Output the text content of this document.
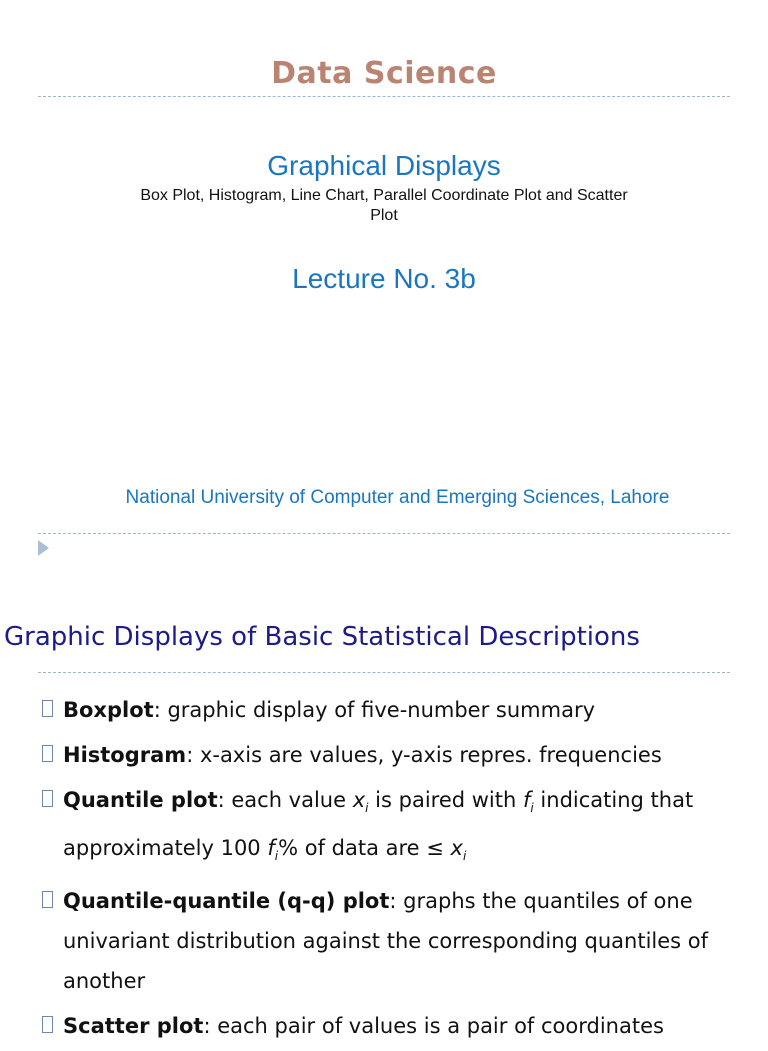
Data Science
Graphical Displays
Box Plot, Histogram, Line Chart, Parallel Coordinate Plot and Scatter Plot
Lecture No. 3b
National University of Computer and Emerging Sciences, Lahore
Graphic Displays of Basic Statistical Descriptions
Boxplot: graphic display of five-number summary
Histogram: x-axis are values, y-axis repres. frequencies
Quantile plot: each value $x_i$ is paired with $f_i$ indicating that approximately 100 $f_i\%$ of data are ≤ $x_i$
Quantile-quantile (q-q) plot: graphs the quantiles of one univariant distribution against the corresponding quantiles of another
Scatter plot: each pair of values is a pair of coordinates
